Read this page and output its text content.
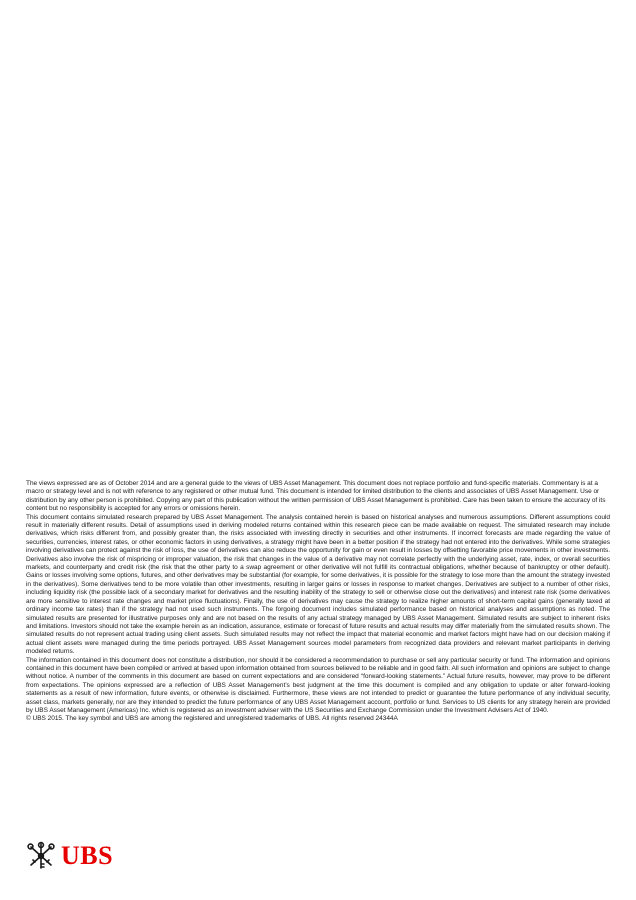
The views expressed are as of October 2014 and are a general guide to the views of UBS Asset Management. This document does not replace portfolio and fund-specific materials. Commentary is at a macro or strategy level and is not with reference to any registered or other mutual fund. This document is intended for limited distribution to the clients and associates of UBS Asset Management. Use or distribution by any other person is prohibited. Copying any part of this publication without the written permission of UBS Asset Management is prohibited. Care has been taken to ensure the accuracy of its content but no responsibility is accepted for any errors or omissions herein.

This document contains simulated research prepared by UBS Asset Management. The analysis contained herein is based on historical analyses and numerous assumptions. Different assumptions could result in materially different results. Detail of assumptions used in deriving modeled returns contained within this research piece can be made available on request. The simulated research may include derivatives, which risks different from, and possibly greater than, the risks associated with investing directly in securities and other instruments. If incorrect forecasts are made regarding the value of securities, currencies, interest rates, or other economic factors in using derivatives, a strategy might have been in a better position if the strategy had not entered into the derivatives. While some strategies involving derivatives can protect against the risk of loss, the use of derivatives can also reduce the opportunity for gain or even result in losses by offsetting favorable price movements in other investments. Derivatives also involve the risk of mispricing or improper valuation, the risk that changes in the value of a derivative may not correlate perfectly with the underlying asset, rate, index, or overall securities markets, and counterparty and credit risk (the risk that the other party to a swap agreement or other derivative will not fulfill its contractual obligations, whether because of bankruptcy or other default). Gains or losses involving some options, futures, and other derivatives may be substantial (for example, for some derivatives, it is possible for the strategy to lose more than the amount the strategy invested in the derivatives). Some derivatives tend to be more volatile than other investments, resulting in larger gains or losses in response to market changes. Derivatives are subject to a number of other risks, including liquidity risk (the possible lack of a secondary market for derivatives and the resulting inability of the strategy to sell or otherwise close out the derivatives) and interest rate risk (some derivatives are more sensitive to interest rate changes and market price fluctuations). Finally, the use of derivatives may cause the strategy to realize higher amounts of short-term capital gains (generally taxed at ordinary income tax rates) than if the strategy had not used such instruments. The forgoing document includes simulated performance based on historical analyses and assumptions as noted. The simulated results are presented for illustrative purposes only and are not based on the results of any actual strategy managed by UBS Asset Management. Simulated results are subject to inherent risks and limitations. Investors should not take the example herein as an indication, assurance, estimate or forecast of future results and actual results may differ materially from the simulated results shown. The simulated results do not represent actual trading using client assets. Such simulated results may not reflect the impact that material economic and market factors might have had on our decision making if actual client assets were managed during the time periods portrayed. UBS Asset Management sources model parameters from recognized data providers and relevant market participants in deriving modeled returns.

The information contained in this document does not constitute a distribution, nor should it be considered a recommendation to purchase or sell any particular security or fund. The information and opinions contained in this document have been compiled or arrived at based upon information obtained from sources believed to be reliable and in good faith. All such information and opinions are subject to change without notice. A number of the comments in this document are based on current expectations and are considered “forward-looking statements.” Actual future results, however, may prove to be different from expectations. The opinions expressed are a reflection of UBS Asset Management’s best judgment at the time this document is compiled and any obligation to update or alter forward-looking statements as a result of new information, future events, or otherwise is disclaimed. Furthermore, these views are not intended to predict or guarantee the future performance of any individual security, asset class, markets generally, nor are they intended to predict the future performance of any UBS Asset Management account, portfolio or fund. Services to US clients for any strategy herein are provided by UBS Asset Management (Americas) Inc. which is registered as an investment adviser with the US Securities and Exchange Commission under the Investment Advisers Act of 1940.

© UBS 2015. The key symbol and UBS are among the registered and unregistered trademarks of UBS. All rights reserved 24344A

UBS
